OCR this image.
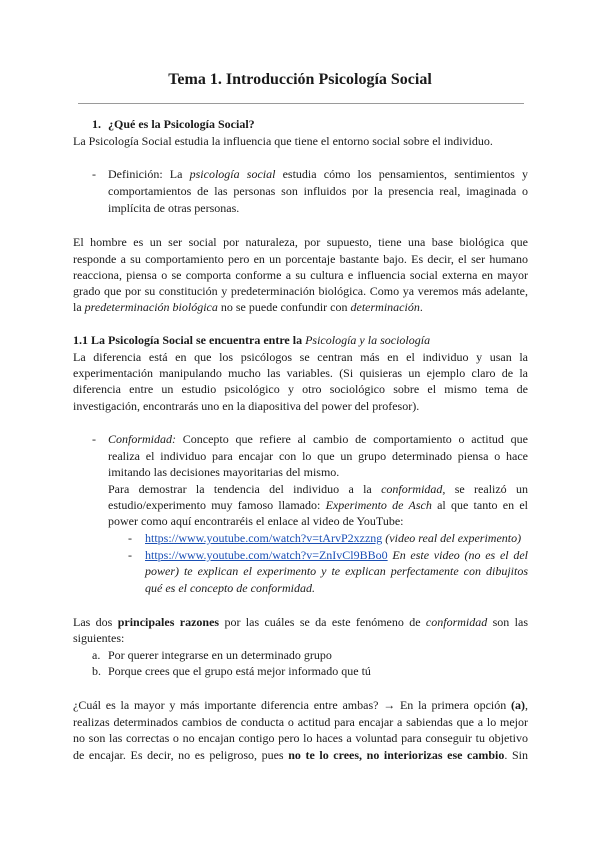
Tema 1. Introducción Psicología Social
1. ¿Qué es la Psicología Social?
La Psicología Social estudia la influencia que tiene el entorno social sobre el individuo.
- Definición: La psicología social estudia cómo los pensamientos, sentimientos y
comportamientos de las personas son influidos por la presencia real, imaginada o
implícita de otras personas.
El hombre es un ser social por naturaleza, por supuesto, tiene una base biológica que
responde a su comportamiento pero en un porcentaje bastante bajo. Es decir, el ser humano
reacciona, piensa o se comporta conforme a su cultura e influencia social externa en mayor
grado que por su constitución y predeterminación biológica. Como ya veremos más adelante,
la predeterminación biológica no se puede confundir con determinación.
1.1 La Psicología Social se encuentra entre la Psicología y la sociología
La diferencia está en que los psicólogos se centran más en el individuo y usan la
experimentación manipulando mucho las variables. (Si quisieras un ejemplo claro de la
diferencia entre un estudio psicológico y otro sociológico sobre el mismo tema de
investigación, encontrarás uno en la diapositiva del power del profesor).
- Conformidad: Concepto que refiere al cambio de comportamiento o actitud que
realiza el individuo para encajar con lo que un grupo determinado piensa o hace
imitando las decisiones mayoritarias del mismo.
Para demostrar la tendencia del individuo a la conformidad, se realizó un
estudio/experimento muy famoso llamado: Experimento de Asch al que tanto en el
power como aquí encontraréis el enlace al video de YouTube:
- https://www.youtube.com/watch?v=tArvP2xzzng (video real del experimento)
- https://www.youtube.com/watch?v=ZnIvCl9BBo0 En este video (no es el del
power) te explican el experimento y te explican perfectamente con dibujitos
qué es el concepto de conformidad.
Las dos principales razones por las cuáles se da este fenómeno de conformidad son las
siguientes:
a. Por querer integrarse en un determinado grupo
b. Porque crees que el grupo está mejor informado que tú
¿Cuál es la mayor y más importante diferencia entre ambas? → En la primera opción (a),
realizas determinados cambios de conducta o actitud para encajar a sabiendas que a lo mejor
no son las correctas o no encajan contigo pero lo haces a voluntad para conseguir tu objetivo
de encajar. Es decir, no es peligroso, pues no te lo crees, no interiorizas ese cambio. Sin
